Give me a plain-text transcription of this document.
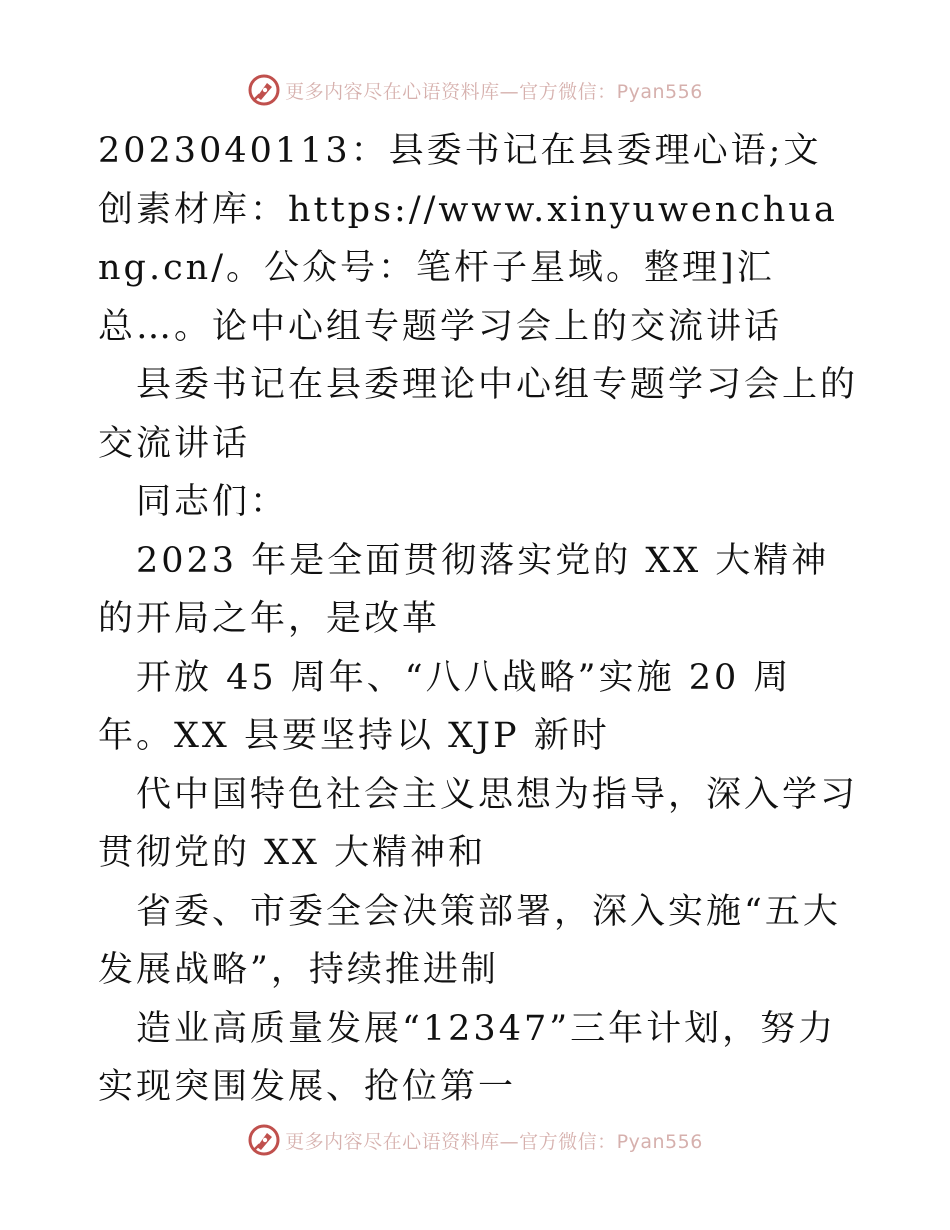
更多内容尽在心语资料库—官方微信：Pyan556

2023040113：县委书记在县委理心语;文创素材库：https://www.xinyuwenchuang.cn/。公众号：笔杆子星域。整理]汇总…。论中心组专题学习会上的交流讲话

县委书记在县委理论中心组专题学习会上的交流讲话

同志们：

2023 年是全面贯彻落实党的 XX 大精神的开局之年，是改革

开放 45 周年、“八八战略”实施 20 周年。XX 县要坚持以 XJP 新时

代中国特色社会主义思想为指导，深入学习贯彻党的 XX 大精神和

省委、市委全会决策部署，深入实施“五大发展战略”，持续推进制

造业高质量发展“12347”三年计划，努力实现突围发展、抢位第一

更多内容尽在心语资料库—官方微信：Pyan556
